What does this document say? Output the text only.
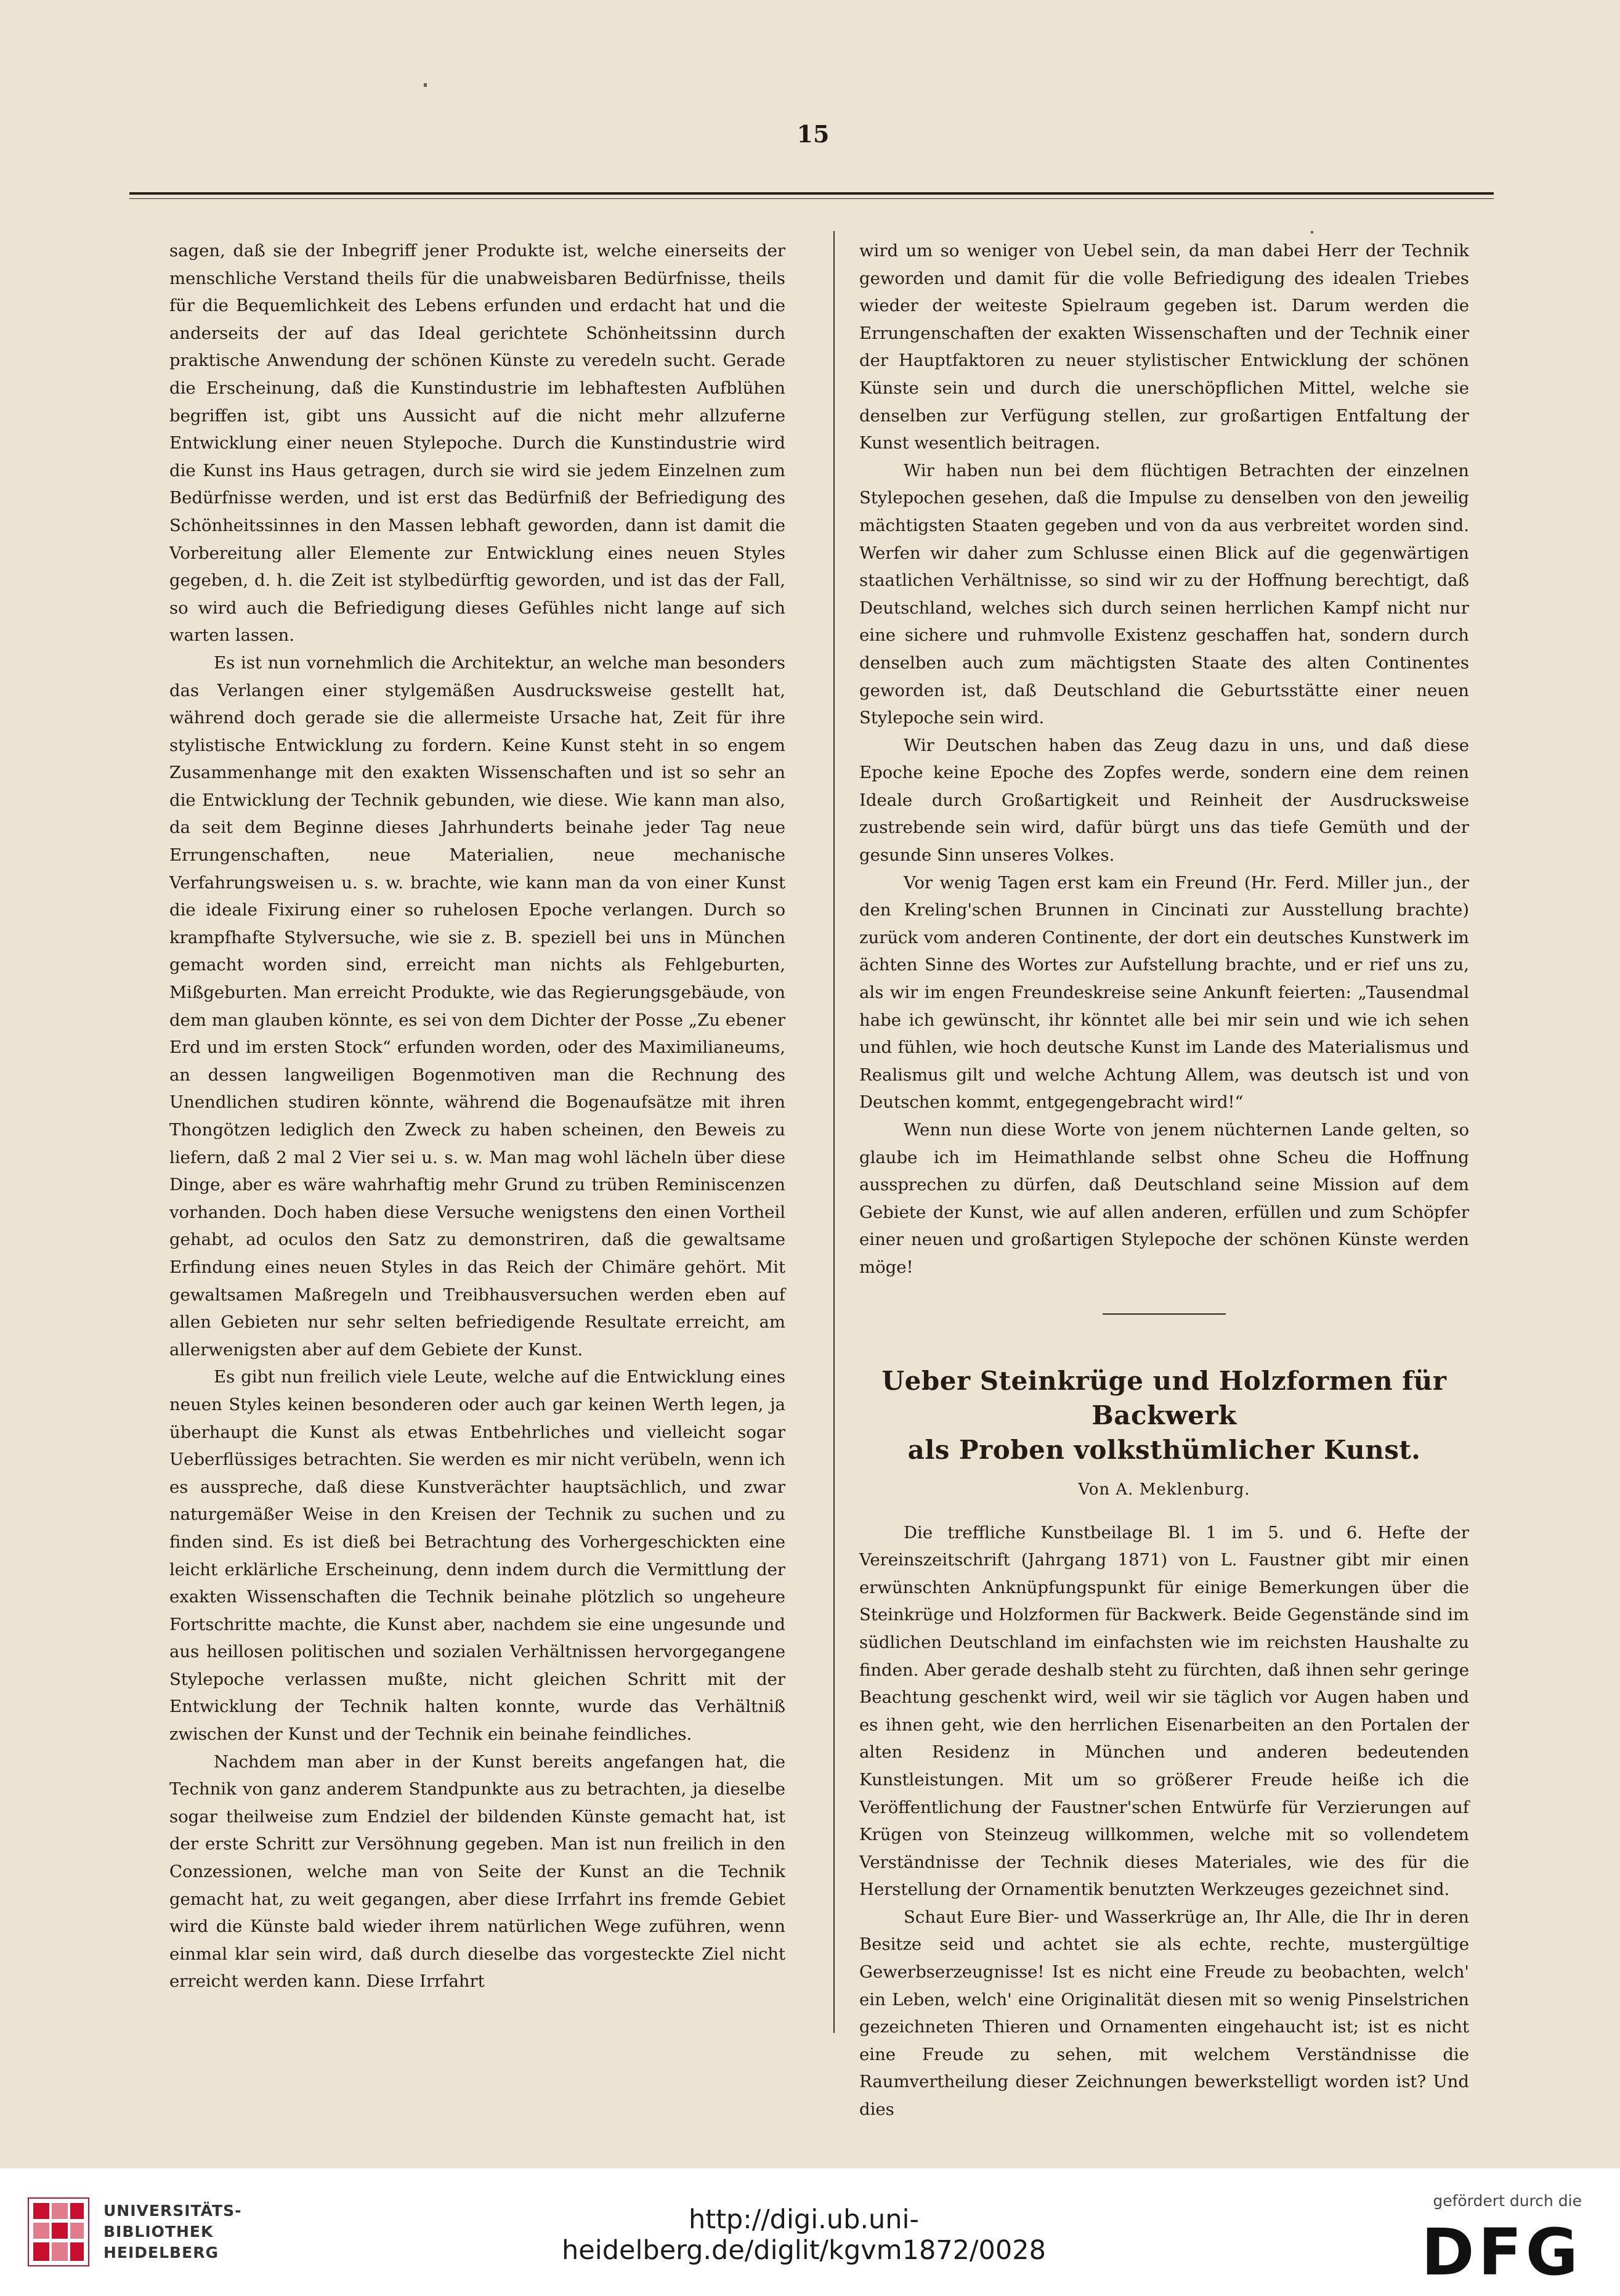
15

sagen, daß sie der Inbegriff jener Produkte ist, welche einerseits der menschliche Verstand theils für die unabweisbaren Bedürfnisse, theils für die Bequemlichkeit des Lebens erfunden und erdacht hat und die anderseits der auf das Ideal gerichtete Schönheitssinn durch praktische Anwendung der schönen Künste zu veredeln sucht. Gerade die Erscheinung, daß die Kunstindustrie im lebhaftesten Aufblühen begriffen ist, gibt uns Aussicht auf die nicht mehr allzuferne Entwicklung einer neuen Stylepoche. Durch die Kunstindustrie wird die Kunst ins Haus getragen, durch sie wird sie jedem Einzelnen zum Bedürfnisse werden, und ist erst das Bedürfniß der Befriedigung des Schönheitssinnes in den Massen lebhaft geworden, dann ist damit die Vorbereitung aller Elemente zur Entwicklung eines neuen Styles gegeben, d. h. die Zeit ist stylbedürftig geworden, und ist das der Fall, so wird auch die Befriedigung dieses Gefühles nicht lange auf sich warten lassen.

Es ist nun vornehmlich die Architektur, an welche man besonders das Verlangen einer stylgemäßen Ausdrucksweise gestellt hat, während doch gerade sie die allermeiste Ursache hat, Zeit für ihre stylistische Entwicklung zu fordern. Keine Kunst steht in so engem Zusammenhange mit den exakten Wissenschaften und ist so sehr an die Entwicklung der Technik gebunden, wie diese. Wie kann man also, da seit dem Beginne dieses Jahrhunderts beinahe jeder Tag neue Errungenschaften, neue Materialien, neue mechanische Verfahrungsweisen u. s. w. brachte, wie kann man da von einer Kunst die ideale Fixirung einer so ruhelosen Epoche verlangen. Durch so krampfhafte Stylversuche, wie sie z. B. speziell bei uns in München gemacht worden sind, erreicht man nichts als Fehlgeburten, Mißgeburten. Man erreicht Produkte, wie das Regierungsgebäude, von dem man glauben könnte, es sei von dem Dichter der Posse „Zu ebener Erd und im ersten Stock“ erfunden worden, oder des Maximilianeums, an dessen langweiligen Bogenmotiven man die Rechnung des Unendlichen studiren könnte, während die Bogenaufsätze mit ihren Thongötzen lediglich den Zweck zu haben scheinen, den Beweis zu liefern, daß 2 mal 2 Vier sei u. s. w. Man mag wohl lächeln über diese Dinge, aber es wäre wahrhaftig mehr Grund zu trüben Reminiscenzen vorhanden. Doch haben diese Versuche wenigstens den einen Vortheil gehabt, ad oculos den Satz zu demonstriren, daß die gewaltsame Erfindung eines neuen Styles in das Reich der Chimäre gehört. Mit gewaltsamen Maßregeln und Treibhausversuchen werden eben auf allen Gebieten nur sehr selten befriedigende Resultate erreicht, am allerwenigsten aber auf dem Gebiete der Kunst.

Es gibt nun freilich viele Leute, welche auf die Entwicklung eines neuen Styles keinen besonderen oder auch gar keinen Werth legen, ja überhaupt die Kunst als etwas Entbehrliches und vielleicht sogar Ueberflüssiges betrachten. Sie werden es mir nicht verübeln, wenn ich es ausspreche, daß diese Kunstverächter hauptsächlich, und zwar naturgemäßer Weise in den Kreisen der Technik zu suchen und zu finden sind. Es ist dieß bei Betrachtung des Vorhergeschickten eine leicht erklärliche Erscheinung, denn indem durch die Vermittlung der exakten Wissenschaften die Technik beinahe plötzlich so ungeheure Fortschritte machte, die Kunst aber, nachdem sie eine ungesunde und aus heillosen politischen und sozialen Verhältnissen hervorgegangene Stylepoche verlassen mußte, nicht gleichen Schritt mit der Entwicklung der Technik halten konnte, wurde das Verhältniß zwischen der Kunst und der Technik ein beinahe feindliches.

Nachdem man aber in der Kunst bereits angefangen hat, die Technik von ganz anderem Standpunkte aus zu betrachten, ja dieselbe sogar theilweise zum Endziel der bildenden Künste gemacht hat, ist der erste Schritt zur Versöhnung gegeben. Man ist nun freilich in den Conzessionen, welche man von Seite der Kunst an die Technik gemacht hat, zu weit gegangen, aber diese Irrfahrt ins fremde Gebiet wird die Künste bald wieder ihrem natürlichen Wege zuführen, wenn einmal klar sein wird, daß durch dieselbe das vorgesteckte Ziel nicht erreicht werden kann. Diese Irrfahrt

wird um so weniger von Uebel sein, da man dabei Herr der Technik geworden und damit für die volle Befriedigung des idealen Triebes wieder der weiteste Spielraum gegeben ist. Darum werden die Errungenschaften der exakten Wissenschaften und der Technik einer der Hauptfaktoren zu neuer stylistischer Entwicklung der schönen Künste sein und durch die unerschöpflichen Mittel, welche sie denselben zur Verfügung stellen, zur großartigen Entfaltung der Kunst wesentlich beitragen.

Wir haben nun bei dem flüchtigen Betrachten der einzelnen Stylepochen gesehen, daß die Impulse zu denselben von den jeweilig mächtigsten Staaten gegeben und von da aus verbreitet worden sind. Werfen wir daher zum Schlusse einen Blick auf die gegenwärtigen staatlichen Verhältnisse, so sind wir zu der Hoffnung berechtigt, daß Deutschland, welches sich durch seinen herrlichen Kampf nicht nur eine sichere und ruhmvolle Existenz geschaffen hat, sondern durch denselben auch zum mächtigsten Staate des alten Continentes geworden ist, daß Deutschland die Geburtsstätte einer neuen Stylepoche sein wird.

Wir Deutschen haben das Zeug dazu in uns, und daß diese Epoche keine Epoche des Zopfes werde, sondern eine dem reinen Ideale durch Großartigkeit und Reinheit der Ausdrucksweise zustrebende sein wird, dafür bürgt uns das tiefe Gemüth und der gesunde Sinn unseres Volkes.

Vor wenig Tagen erst kam ein Freund (Hr. Ferd. Miller jun., der den Kreling'schen Brunnen in Cincinati zur Ausstellung brachte) zurück vom anderen Continente, der dort ein deutsches Kunstwerk im ächten Sinne des Wortes zur Aufstellung brachte, und er rief uns zu, als wir im engen Freundeskreise seine Ankunft feierten: „Tausendmal habe ich gewünscht, ihr könntet alle bei mir sein und wie ich sehen und fühlen, wie hoch deutsche Kunst im Lande des Materialismus und Realismus gilt und welche Achtung Allem, was deutsch ist und von Deutschen kommt, entgegengebracht wird!“

Wenn nun diese Worte von jenem nüchternen Lande gelten, so glaube ich im Heimathlande selbst ohne Scheu die Hoffnung aussprechen zu dürfen, daß Deutschland seine Mission auf dem Gebiete der Kunst, wie auf allen anderen, erfüllen und zum Schöpfer einer neuen und großartigen Stylepoche der schönen Künste werden möge!

Ueber Steinkrüge und Holzformen für Backwerk
als Proben volksthümlicher Kunst.
Von A. Meklenburg.

Die treffliche Kunstbeilage Bl. 1 im 5. und 6. Hefte der Vereinszeitschrift (Jahrgang 1871) von L. Faustner gibt mir einen erwünschten Anknüpfungspunkt für einige Bemerkungen über die Steinkrüge und Holzformen für Backwerk. Beide Gegenstände sind im südlichen Deutschland im einfachsten wie im reichsten Haushalte zu finden. Aber gerade deshalb steht zu fürchten, daß ihnen sehr geringe Beachtung geschenkt wird, weil wir sie täglich vor Augen haben und es ihnen geht, wie den herrlichen Eisenarbeiten an den Portalen der alten Residenz in München und anderen bedeutenden Kunstleistungen. Mit um so größerer Freude heiße ich die Veröffentlichung der Faustner'schen Entwürfe für Verzierungen auf Krügen von Steinzeug willkommen, welche mit so vollendetem Verständnisse der Technik dieses Materiales, wie des für die Herstellung der Ornamentik benutzten Werkzeuges gezeichnet sind.

Schaut Eure Bier- und Wasserkrüge an, Ihr Alle, die Ihr in deren Besitze seid und achtet sie als echte, rechte, mustergültige Gewerbserzeugnisse! Ist es nicht eine Freude zu beobachten, welch' ein Leben, welch' eine Originalität diesen mit so wenig Pinselstrichen gezeichneten Thieren und Ornamenten eingehaucht ist; ist es nicht eine Freude zu sehen, mit welchem Verständnisse die Raumvertheilung dieser Zeichnungen bewerkstelligt worden ist? Und dies

UNIVERSITÄTS-
BIBLIOTHEK
HEIDELBERG
http://digi.ub.uni-heidelberg.de/diglit/kgvm1872/0028
gefördert durch die
DFG
